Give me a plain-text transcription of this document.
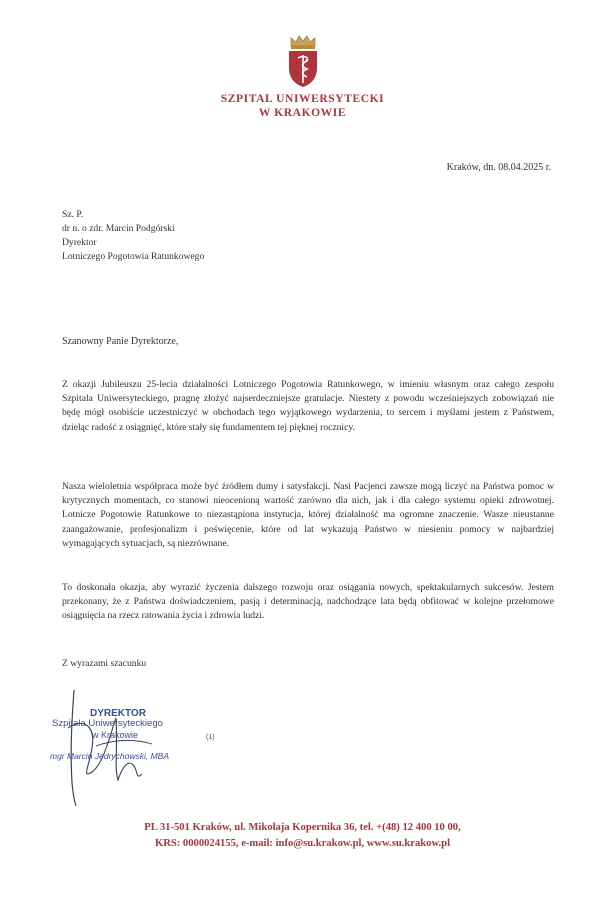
SZPITAL UNIWERSYTECKI
W KRAKOWIE
Kraków, dn. 08.04.2025 r.
Sz. P.
dr n. o zdr. Marcin Podgórski
Dyrektor
Lotniczego Pogotowia Ratunkowego
Szanowny Panie Dyrektorze,
Z okazji Jubileuszu 25-lecia działalności Lotniczego Pogotowia Ratunkowego, w imieniu własnym oraz całego zespołu Szpitala Uniwersyteckiego, pragnę złożyć najserdeczniejsze gratulacje. Niestety z powodu wcześniejszych zobowiązań nie będę mógł osobiście uczestniczyć w obchodach tego wyjątkowego wydarzenia, to sercem i myślami jestem z Państwem, dzieląc radość z osiągnięć, które stały się fundamentem tej pięknej rocznicy.
Nasza wieloletnia współpraca może być źródłem dumy i satysfakcji. Nasi Pacjenci zawsze mogą liczyć na Państwa pomoc w krytycznych momentach, co stanowi nieocenioną wartość zarówno dla nich, jak i dla całego systemu opieki zdrowotnej. Lotnicze Pogotowie Ratunkowe to niezastąpiona instytucja, której działalność ma ogromne znaczenie. Wasze nieustanne zaangażowanie, profesjonalizm i poświęcenie, które od lat wykazują Państwo w niesieniu pomocy w najbardziej wymagających sytuacjach, są niezrównane.
To doskonała okazja, aby wyrazić życzenia dalszego rozwoju oraz osiągania nowych, spektakularnych sukcesów. Jestem przekonany, że z Państwa doświadczeniem, pasją i determinacją, nadchodzące lata będą obfitować w kolejne przełomowe osiągnięcia na rzecz ratowania życia i zdrowia ludzi.
Z wyrazami szacunku
DYREKTOR
Szpitala Uniwersyteckiego
w Krakowie	(1)
mgr Marcin Jędrychowski, MBA
PL 31-501 Kraków, ul. Mikołaja Kopernika 36, tel. +(48) 12 400 10 00,
KRS: 0000024155, e-mail: info@su.krakow.pl, www.su.krakow.pl
